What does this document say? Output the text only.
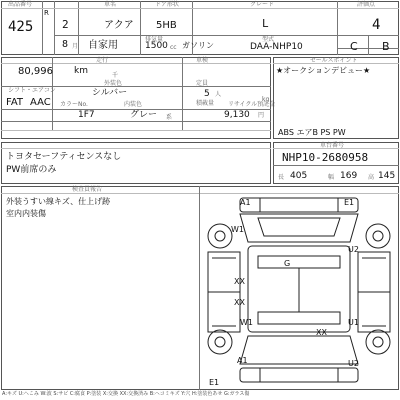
出品番号
425
R
2
8 月
車名
アクア
ドア形状
5HB
グレード
L
評価点
4
自家用
排気量
1500 cc ガソリン
型式
DAA-NHP10	C B
走行
80,996 km	千
車検
外装色
シルバー
定員
5 人
積載量
kg
シフト・エアコン
FAT AAC カラーNo.	内装色
1F7	グレー 系
リサイクル預託金
9,130 円
セールスポイント
★オークションデビュー★
ABS エアB PS PW
トヨタセーフティセンスなし
PW前席のみ
車台番号
NHP10-2680958
長 405	幅 169 高 145
検査員報告
外装うすい線キズ、仕上げ跡
室内内装傷
A1	E1
W1
U2
G
XX
XX
XX
W1	U1
A1
E1
U2
A:キズ U:へこみ W:波 S:サビ C:腐食 P:塗装 X:交換 XX:交換済み B:ヘコミキズ Y:穴 H:塗装色あせ G:ガラス傷
